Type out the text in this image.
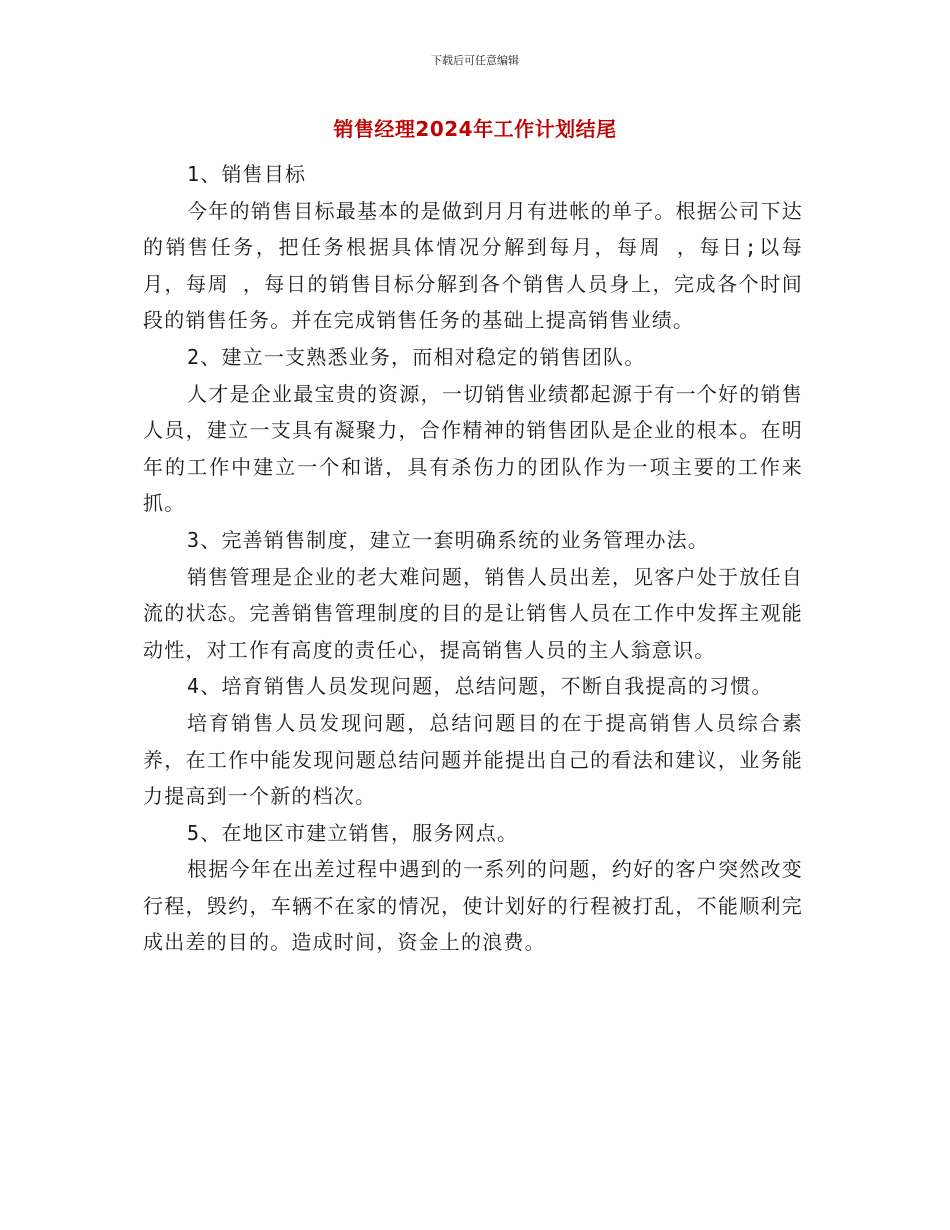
下载后可任意编辑
销售经理2024年工作计划结尾

1、销售目标

今年的销售目标最基本的是做到月月有进帐的单子。根据公司下达的销售任务，把任务根据具体情况分解到每月，每周 ，每日;以每月，每周 ，每日的销售目标分解到各个销售人员身上，完成各个时间段的销售任务。并在完成销售任务的基础上提高销售业绩。

2、建立一支熟悉业务，而相对稳定的销售团队。

人才是企业最宝贵的资源，一切销售业绩都起源于有一个好的销售人员，建立一支具有凝聚力，合作精神的销售团队是企业的根本。在明年的工作中建立一个和谐，具有杀伤力的团队作为一项主要的工作来抓。

3、完善销售制度，建立一套明确系统的业务管理办法。

销售管理是企业的老大难问题，销售人员出差，见客户处于放任自流的状态。完善销售管理制度的目的是让销售人员在工作中发挥主观能动性，对工作有高度的责任心，提高销售人员的主人翁意识。

4、培育销售人员发现问题，总结问题，不断自我提高的习惯。

培育销售人员发现问题，总结问题目的在于提高销售人员综合素养，在工作中能发现问题总结问题并能提出自己的看法和建议，业务能力提高到一个新的档次。

5、在地区市建立销售，服务网点。

根据今年在出差过程中遇到的一系列的问题，约好的客户突然改变行程，毁约，车辆不在家的情况，使计划好的行程被打乱，不能顺利完成出差的目的。造成时间，资金上的浪费。
